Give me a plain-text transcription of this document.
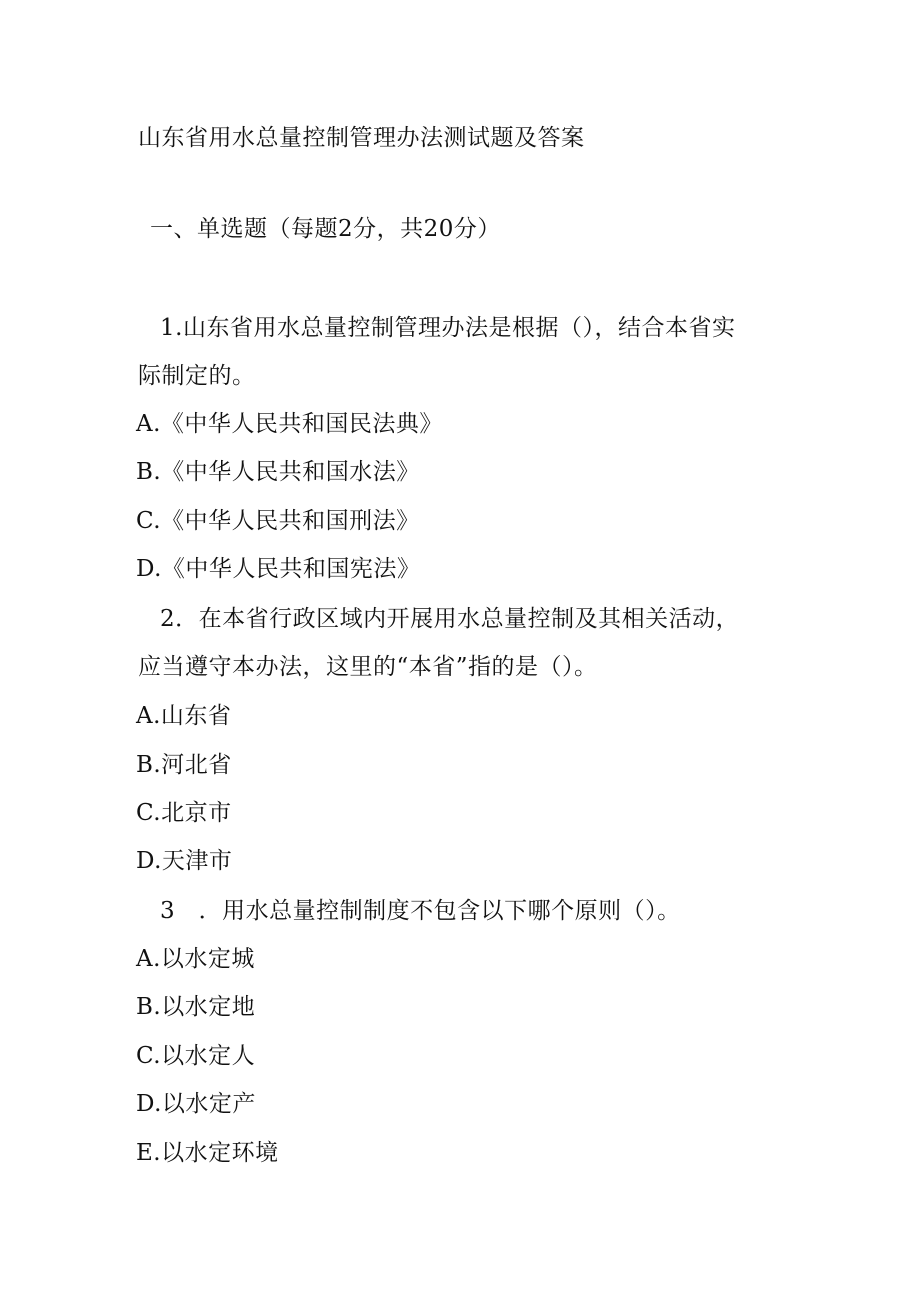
山东省用水总量控制管理办法测试题及答案
一、单选题（每题2分，共20分）
1.山东省用水总量控制管理办法是根据（），结合本省实
际制定的。
A.《中华人民共和国民法典》
B.《中华人民共和国水法》
C.《中华人民共和国刑法》
D.《中华人民共和国宪法》
2．在本省行政区域内开展用水总量控制及其相关活动，
应当遵守本办法，这里的“本省”指的是（）。
A.山东省
B.河北省
C.北京市
D.天津市
3　．用水总量控制制度不包含以下哪个原则（）。
A.以水定城
B.以水定地
C.以水定人
D.以水定产
E.以水定环境
